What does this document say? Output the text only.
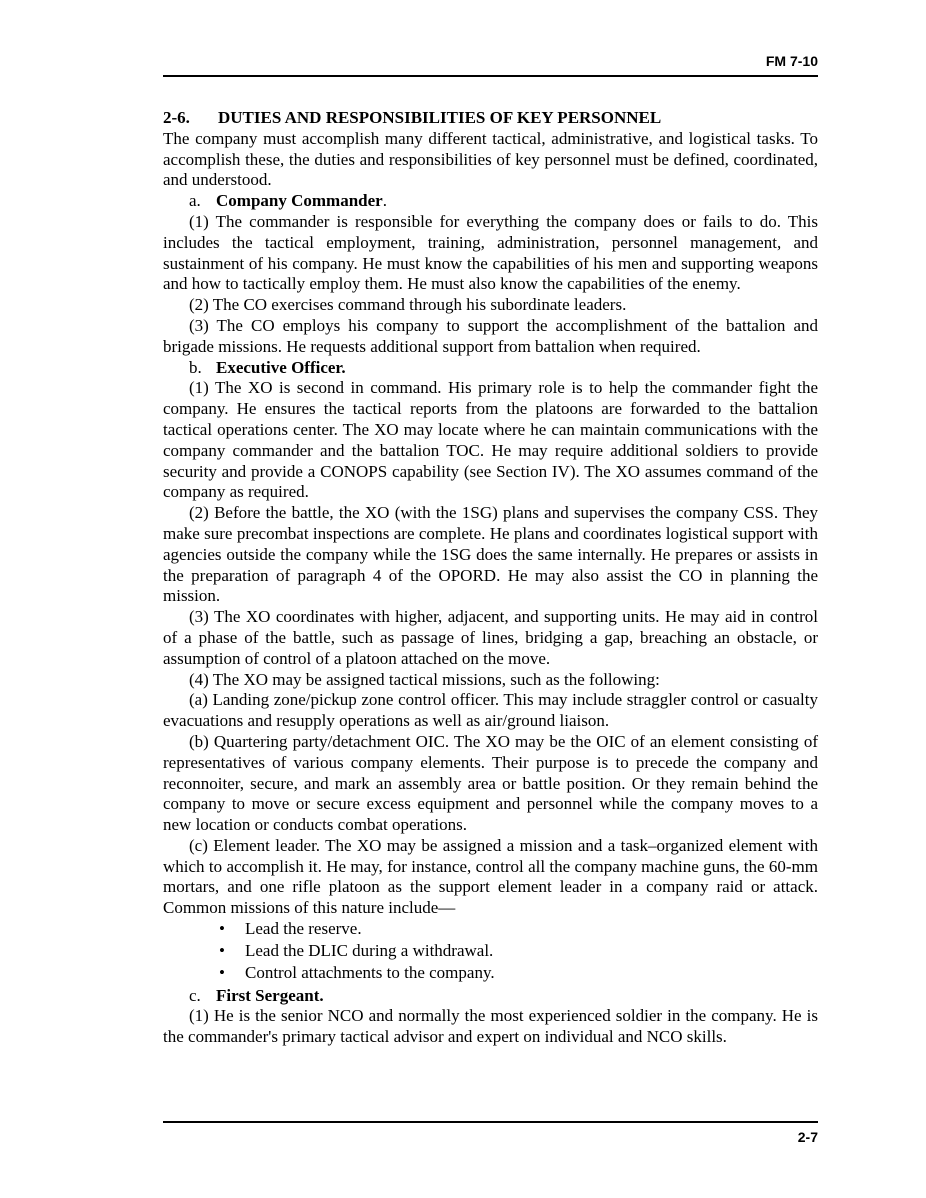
FM 7-10

2-6. DUTIES AND RESPONSIBILITIES OF KEY PERSONNEL

The company must accomplish many different tactical, administrative, and logistical tasks. To accomplish these, the duties and responsibilities of key personnel must be defined, coordinated, and understood.

a. Company Commander.

(1) The commander is responsible for everything the company does or fails to do. This includes the tactical employment, training, administration, personnel management, and sustainment of his company. He must know the capabilities of his men and supporting weapons and how to tactically employ them. He must also know the capabilities of the enemy.

(2) The CO exercises command through his subordinate leaders.

(3) The CO employs his company to support the accomplishment of the battalion and brigade missions. He requests additional support from battalion when required.

b. Executive Officer.

(1) The XO is second in command. His primary role is to help the commander fight the company. He ensures the tactical reports from the platoons are forwarded to the battalion tactical operations center. The XO may locate where he can maintain communications with the company commander and the battalion TOC. He may require additional soldiers to provide security and provide a CONOPS capability (see Section IV). The XO assumes command of the company as required.

(2) Before the battle, the XO (with the 1SG) plans and supervises the company CSS. They make sure precombat inspections are complete. He plans and coordinates logistical support with agencies outside the company while the 1SG does the same internally. He prepares or assists in the preparation of paragraph 4 of the OPORD. He may also assist the CO in planning the mission.

(3) The XO coordinates with higher, adjacent, and supporting units. He may aid in control of a phase of the battle, such as passage of lines, bridging a gap, breaching an obstacle, or assumption of control of a platoon attached on the move.

(4) The XO may be assigned tactical missions, such as the following:

(a) Landing zone/pickup zone control officer. This may include straggler control or casualty evacuations and resupply operations as well as air/ground liaison.

(b) Quartering party/detachment OIC. The XO may be the OIC of an element consisting of representatives of various company elements. Their purpose is to precede the company and reconnoiter, secure, and mark an assembly area or battle position. Or they remain behind the company to move or secure excess equipment and personnel while the company moves to a new location or conducts combat operations.

(c) Element leader. The XO may be assigned a mission and a task–organized element with which to accomplish it. He may, for instance, control all the company machine guns, the 60-mm mortars, and one rifle platoon as the support element leader in a company raid or attack. Common missions of this nature include—

• Lead the reserve.
• Lead the DLIC during a withdrawal.
• Control attachments to the company.

c. First Sergeant.

(1) He is the senior NCO and normally the most experienced soldier in the company. He is the commander's primary tactical advisor and expert on individual and NCO skills.

2-7
